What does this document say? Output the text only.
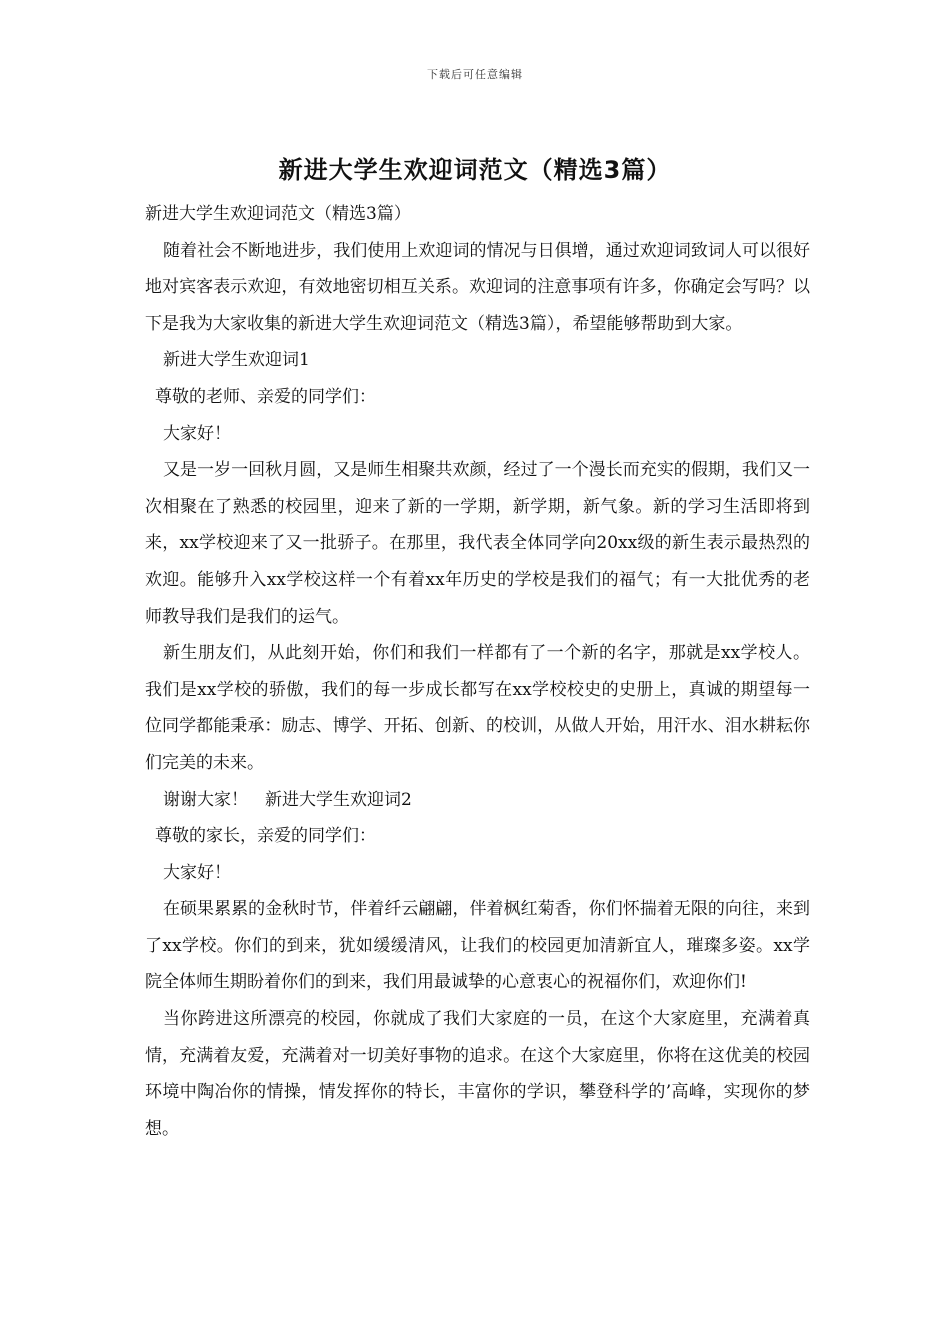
下载后可任意编辑
新进大学生欢迎词范文（精选3篇）

新进大学生欢迎词范文（精选3篇）

随着社会不断地进步，我们使用上欢迎词的情况与日俱增，通过欢迎词致词人可以很好地对宾客表示欢迎，有效地密切相互关系。欢迎词的注意事项有许多，你确定会写吗？以下是我为大家收集的新进大学生欢迎词范文（精选3篇），希望能够帮助到大家。

新进大学生欢迎词1

尊敬的老师、亲爱的同学们：

大家好！

又是一岁一回秋月圆，又是师生相聚共欢颜，经过了一个漫长而充实的假期，我们又一次相聚在了熟悉的校园里，迎来了新的一学期，新学期，新气象。新的学习生活即将到来，xx学校迎来了又一批骄子。在那里，我代表全体同学向20xx级的新生表示最热烈的欢迎。能够升入xx学校这样一个有着xx年历史的学校是我们的福气；有一大批优秀的老师教导我们是我们的运气。

新生朋友们，从此刻开始，你们和我们一样都有了一个新的名字，那就是xx学校人。我们是xx学校的骄傲，我们的每一步成长都写在xx学校校史的史册上，真诚的期望每一位同学都能秉承：励志、博学、开拓、创新、的校训，从做人开始，用汗水、泪水耕耘你们完美的未来。

谢谢大家！　新进大学生欢迎词2

尊敬的家长，亲爱的同学们：

大家好！

在硕果累累的金秋时节，伴着纤云翩翩，伴着枫红菊香，你们怀揣着无限的向往，来到了xx学校。你们的到来，犹如缓缓清风，让我们的校园更加清新宜人，璀璨多姿。xx学院全体师生期盼着你们的到来，我们用最诚挚的心意衷心的祝福你们，欢迎你们!

当你跨进这所漂亮的校园，你就成了我们大家庭的一员，在这个大家庭里，充满着真情，充满着友爱，充满着对一切美好事物的追求。在这个大家庭里，你将在这优美的校园环境中陶冶你的情操，情发挥你的特长，丰富你的学识，攀登科学的’高峰，实现你的梦想。
